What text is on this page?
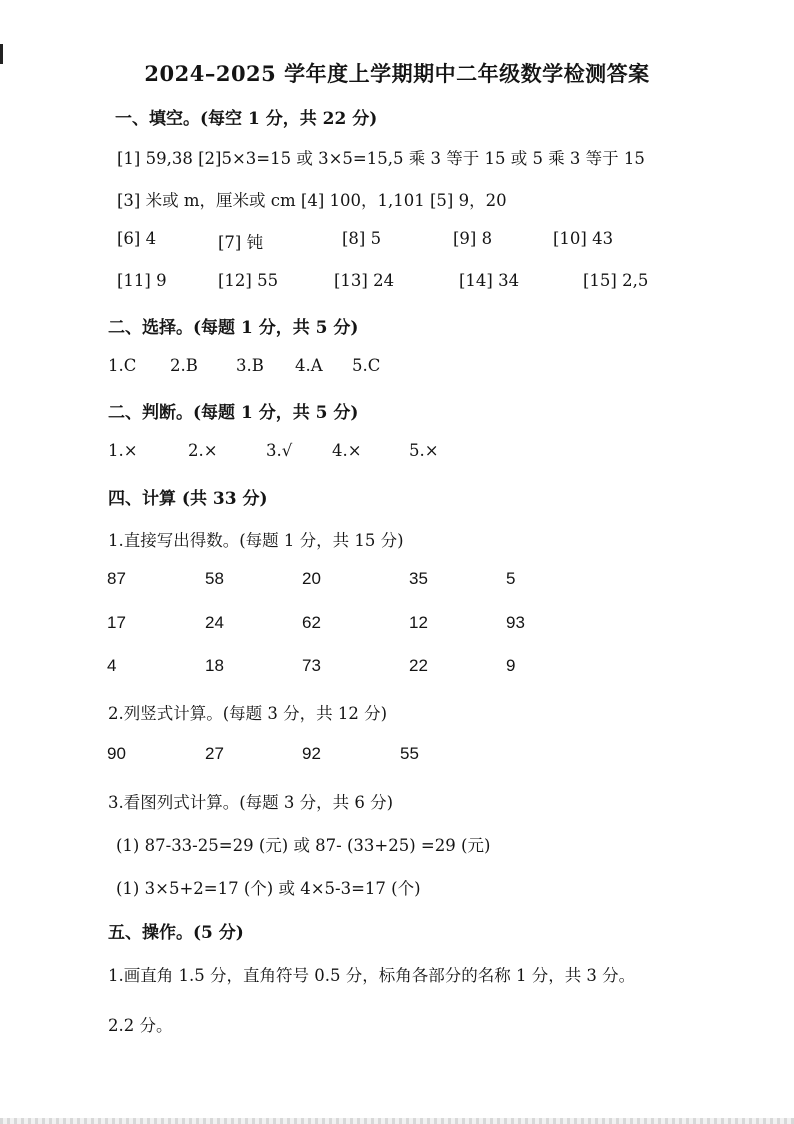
2024–2025 学年度上学期期中二年级数学检测答案
一、填空。(每空 1 分，共 22 分)
[1] 59,38 [2]5×3=15 或 3×5=15,5 乘 3 等于 15 或 5 乘 3 等于 15
[3] 米或 m，厘米或 cm [4] 100，1,101 [5] 9，20
[6] 4	[7] 钝	[8] 5	[9] 8	[10] 43
[11] 9	[12] 55	[13] 24	[14] 34	[15] 2,5
二、选择。(每题 1 分，共 5 分)
1.C 2.B 3.B 4.A 5.C
二、判断。(每题 1 分，共 5 分)
1.×	2.×	3.√ 4.×	5.×
四、计算 (共 33 分)
1.直接写出得数。(每题 1 分，共 15 分)
87	58	20	35	5
17	24	62	12	93
4	18	73	22	9
2.列竖式计算。(每题 3 分，共 12 分)
90	27	92	55
3.看图列式计算。(每题 3 分，共 6 分)
(1) 87-33-25=29 (元) 或 87- (33+25) =29 (元)
(1) 3×5+2=17 (个) 或 4×5-3=17 (个)
五、操作。(5 分)
1.画直角 1.5 分，直角符号 0.5 分，标角各部分的名称 1 分，共 3 分。
2.2 分。
